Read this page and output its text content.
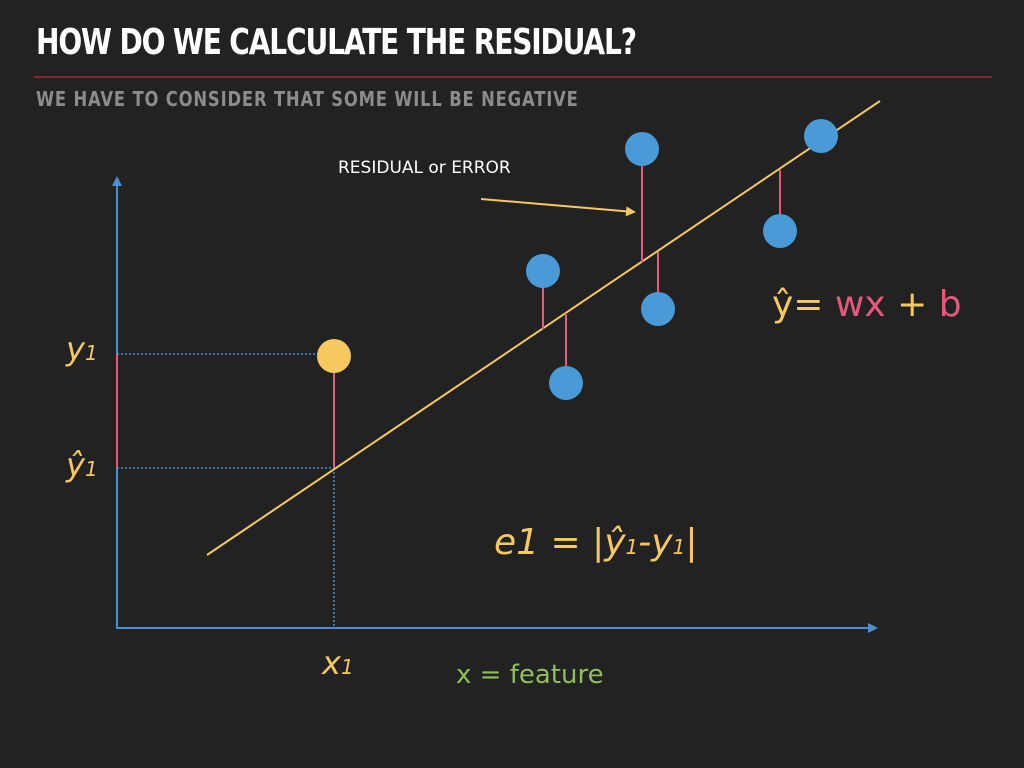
HOW DO WE CALCULATE THE RESIDUAL?
WE HAVE TO CONSIDER THAT SOME WILL BE NEGATIVE
RESIDUAL or ERROR
y1
ŷ1
x1	x = feature
ŷ= wx + b
e1 = |ŷ1-y1|
